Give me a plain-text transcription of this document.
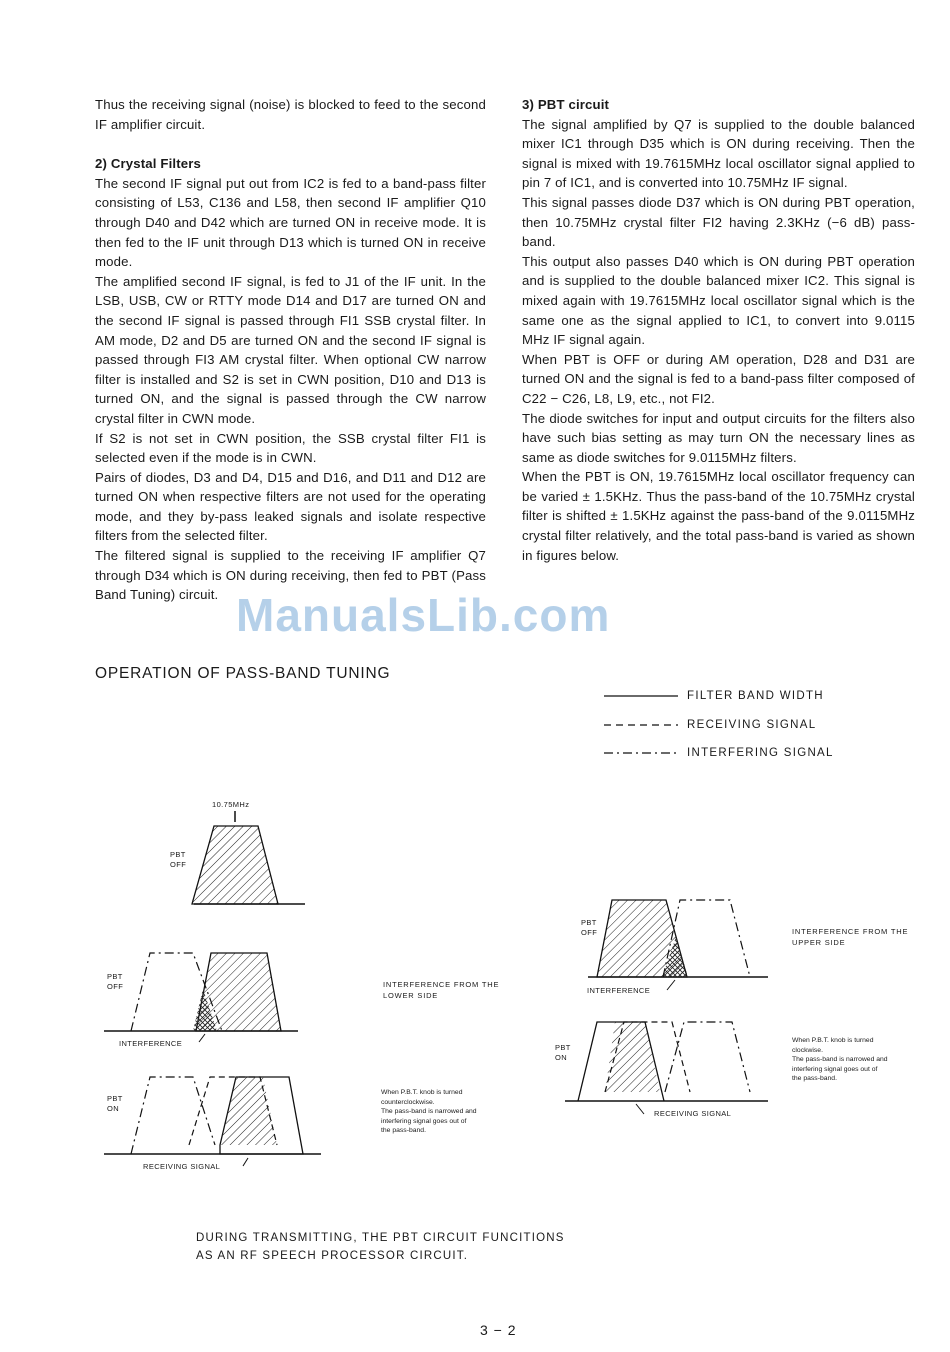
Thus the receiving signal (noise) is blocked to feed to the second IF amplifier circuit.

2) Crystal Filters

The second IF signal put out from IC2 is fed to a band-pass filter consisting of L53, C136 and L58, then second IF amplifier Q10 through D40 and D42 which are turned ON in receive mode. It is then fed to the IF unit through D13 which is turned ON in receive mode.

The amplified second IF signal, is fed to J1 of the IF unit. In the LSB, USB, CW or RTTY mode D14 and D17 are turned ON and the second IF signal is passed through FI1 SSB crystal filter. In AM mode, D2 and D5 are turned ON and the second IF signal is passed through FI3 AM crystal filter. When optional CW narrow filter is installed and S2 is set in CWN position, D10 and D13 is turned ON, and the signal is passed through the CW narrow crystal filter in CWN mode.

If S2 is not set in CWN position, the SSB crystal filter FI1 is selected even if the mode is in CWN.

Pairs of diodes, D3 and D4, D15 and D16, and D11 and D12 are turned ON when respective filters are not used for the operating mode, and they by-pass leaked signals and isolate respective filters from the selected filter.

The filtered signal is supplied to the receiving IF amplifier Q7 through D34 which is ON during receiving, then fed to PBT (Pass Band Tuning) circuit.

3) PBT circuit

The signal amplified by Q7 is supplied to the double balanced mixer IC1 through D35 which is ON during receiving. Then the signal is mixed with 19.7615MHz local oscillator signal applied to pin 7 of IC1, and is converted into 10.75MHz IF signal.

This signal passes diode D37 which is ON during PBT operation, then 10.75MHz crystal filter FI2 having 2.3KHz (−6 dB) pass-band.

This output also passes D40 which is ON during PBT operation and is supplied to the double balanced mixer IC2. This signal is mixed again with 19.7615MHz local oscillator signal which is the same one as the signal applied to IC1, to convert into 9.0115 MHz IF signal again.

When PBT is OFF or during AM operation, D28 and D31 are turned ON and the signal is fed to a band-pass filter composed of C22 − C26, L8, L9, etc., not FI2.

The diode switches for input and output circuits for the filters also have such bias setting as may turn ON the necessary lines as same as diode switches for 9.0115MHz filters.

When the PBT is ON, 19.7615MHz local oscillator frequency can be varied ± 1.5KHz. Thus the pass-band of the 10.75MHz crystal filter is shifted ± 1.5KHz against the pass-band of the 9.0115MHz crystal filter relatively, and the total pass-band is varied as shown in figures below.

ManualsLib.com
OPERATION OF PASS-BAND TUNING
FILTER BAND WIDTH
RECEIVING SIGNAL
INTERFERING SIGNAL
10.75MHz
PBT
OFF
PBT
OFF
INTERFERENCE
INTERFERENCE FROM THE
LOWER SIDE
PBT
ON
RECEIVING SIGNAL
When P.B.T. knob is turned
counterclockwise.
The pass-band is narrowed and
interfering signal goes out of
the pass-band.
PBT
OFF
INTERFERENCE
INTERFERENCE FROM THE
UPPER SIDE
PBT
ON
RECEIVING SIGNAL
When P.B.T. knob is turned
clockwise.
The pass-band is narrowed and
interfering signal goes out of
the pass-band.
DURING TRANSMITTING, THE PBT CIRCUIT FUNCITIONS
AS AN RF SPEECH PROCESSOR CIRCUIT.
3 − 2
